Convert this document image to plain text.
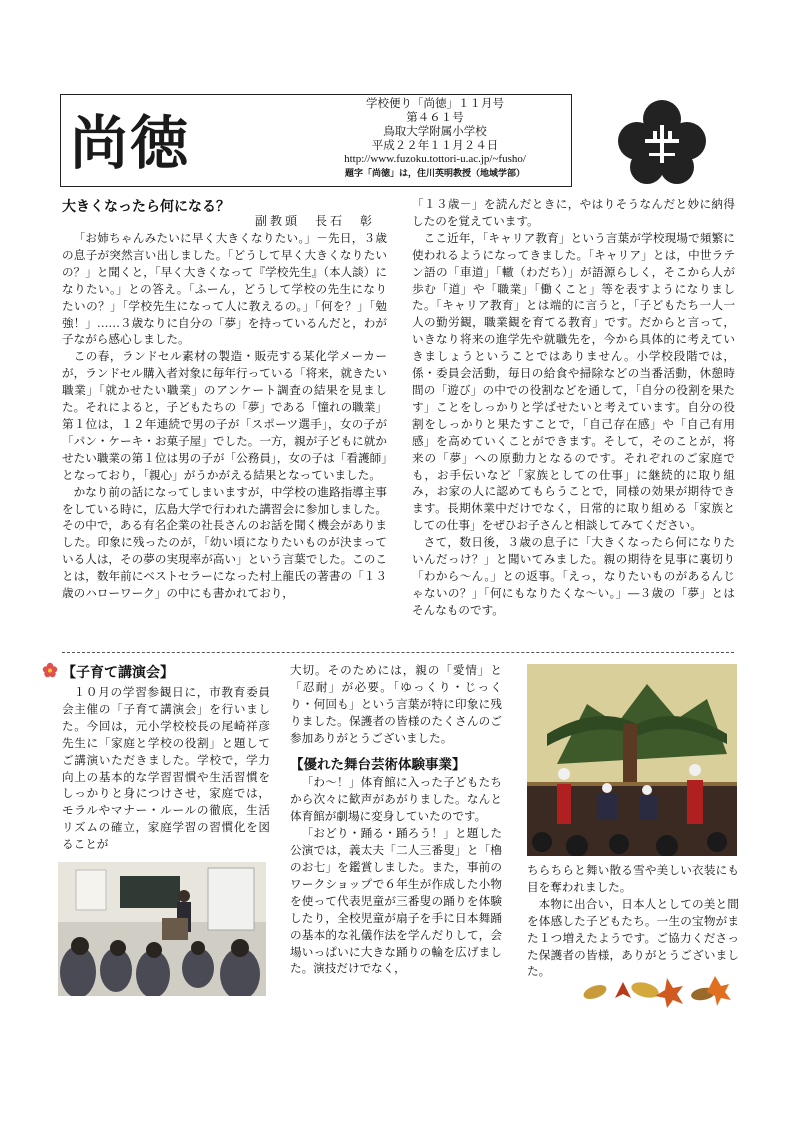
尚徳
学校便り「尚徳」１１月号
第４６１号
鳥取大学附属小学校
平成２２年１１月２４日
http://www.fuzoku.tottori-u.ac.jp/~fusho/
題字「尚徳」は，住川英明教授（地域学部）
大きくなったら何になる？
副教頭　長石　彰

「お姉ちゃんみたいに早く大きくなりたい。」－先日，３歳の息子が突然言い出しました。「どうして早く大きくなりたいの？」と聞くと，「早く大きくなって『学校先生』（本人談）になりたい。」との答え。「ふーん，どうして学校の先生になりたいの？」「学校先生になって人に教えるの。」「何を？」「勉強！」……３歳なりに自分の「夢」を持っているんだと，わが子ながら感心しました。

この春，ランドセル素材の製造・販売する某化学メーカーが，ランドセル購入者対象に毎年行っている「将来，就きたい職業」「就かせたい職業」のアンケート調査の結果を見ました。それによると，子どもたちの「夢」である「憧れの職業」第１位は，１２年連続で男の子が「スポーツ選手」，女の子が「パン・ケーキ・お菓子屋」でした。一方，親が子どもに就かせたい職業の第１位は男の子が「公務員」，女の子は「看護師」となっており，「親心」がうかがえる結果となっていました。

かなり前の話になってしまいますが，中学校の進路指導主事をしている時に，広島大学で行われた講習会に参加しました。その中で，ある有名企業の社長さんのお話を聞く機会がありました。印象に残ったのが，「幼い頃になりたいものが決まっている人は，その夢の実現率が高い」という言葉でした。このことは，数年前にベストセラーになった村上龍氏の著書の「１３歳のハローワーク」の中にも書かれており，

「１３歳－」を読んだときに，やはりそうなんだと妙に納得したのを覚えています。

ここ近年，「キャリア教育」という言葉が学校現場で頻繁に使われるようになってきました。「キャリア」とは，中世ラテン語の「車道」「轍（わだち）」が語源らしく，そこから人が歩む「道」や「職業」「働くこと」等を表すようになりました。「キャリア教育」とは端的に言うと，「子どもたち一人一人の勤労観，職業観を育てる教育」です。だからと言って，いきなり将来の進学先や就職先を，今から具体的に考えていきましょうということではありません。小学校段階では，係・委員会活動，毎日の給食や掃除などの当番活動，休憩時間の「遊び」の中での役割などを通して，「自分の役割を果たす」ことをしっかりと学ばせたいと考えています。自分の役割をしっかりと果たすことで，「自己存在感」や「自己有用感」を高めていくことができます。そして，そのことが，将来の「夢」への原動力となるのです。それぞれのご家庭でも，お手伝いなど「家族としての仕事」に継続的に取り組み，お家の人に認めてもらうことで，同様の効果が期待できます。長期休業中だけでなく，日常的に取り組める「家族としての仕事」をぜひお子さんと相談してみてください。

さて，数日後，３歳の息子に「大きくなったら何になりたいんだっけ？」と聞いてみました。親の期待を見事に裏切り「わから～ん。」との返事。「えっ，なりたいものがあるんじゃないの？」「何にもなりたくな～い。」―３歳の「夢」とはそんなものです。

【子育て講演会】

１０月の学習参観日に，市教育委員会主催の「子育て講演会」を行いました。今回は，元小学校校長の尾崎祥彦先生に「家庭と学校の役割」と題してご講演いただきました。学校で，学力向上の基本的な学習習慣や生活習慣をしっかりと身につけさせ，家庭では，モラルやマナー・ルールの徹底，生活リズムの確立，家庭学習の習慣化を図ることが

大切。そのためには，親の「愛情」と「忍耐」が必要。「ゆっくり・じっくり・何回も」という言葉が特に印象に残りました。保護者の皆様のたくさんのご参加ありがとうございました。

【優れた舞台芸術体験事業】

「わ～！」体育館に入った子どもたちから次々に歓声があがりました。なんと体育館が劇場に変身していたのです。

「おどり・踊る・踊ろう！」と題した公演では，義太夫「二人三番叟」と「櫓のお七」を鑑賞しました。また，事前のワークショップで６年生が作成した小物を使って代表児童が三番叟の踊りを体験したり，全校児童が扇子を手に日本舞踊の基本的な礼儀作法を学んだりして，会場いっぱいに大きな踊りの輪を広げました。演技だけでなく，

ちらちらと舞い散る雪や美しい衣装にも目を奪われました。

本物に出合い，日本人としての美と間を体感した子どもたち。一生の宝物がまた１つ増えたようです。ご協力くださった保護者の皆様，ありがとうございました。
